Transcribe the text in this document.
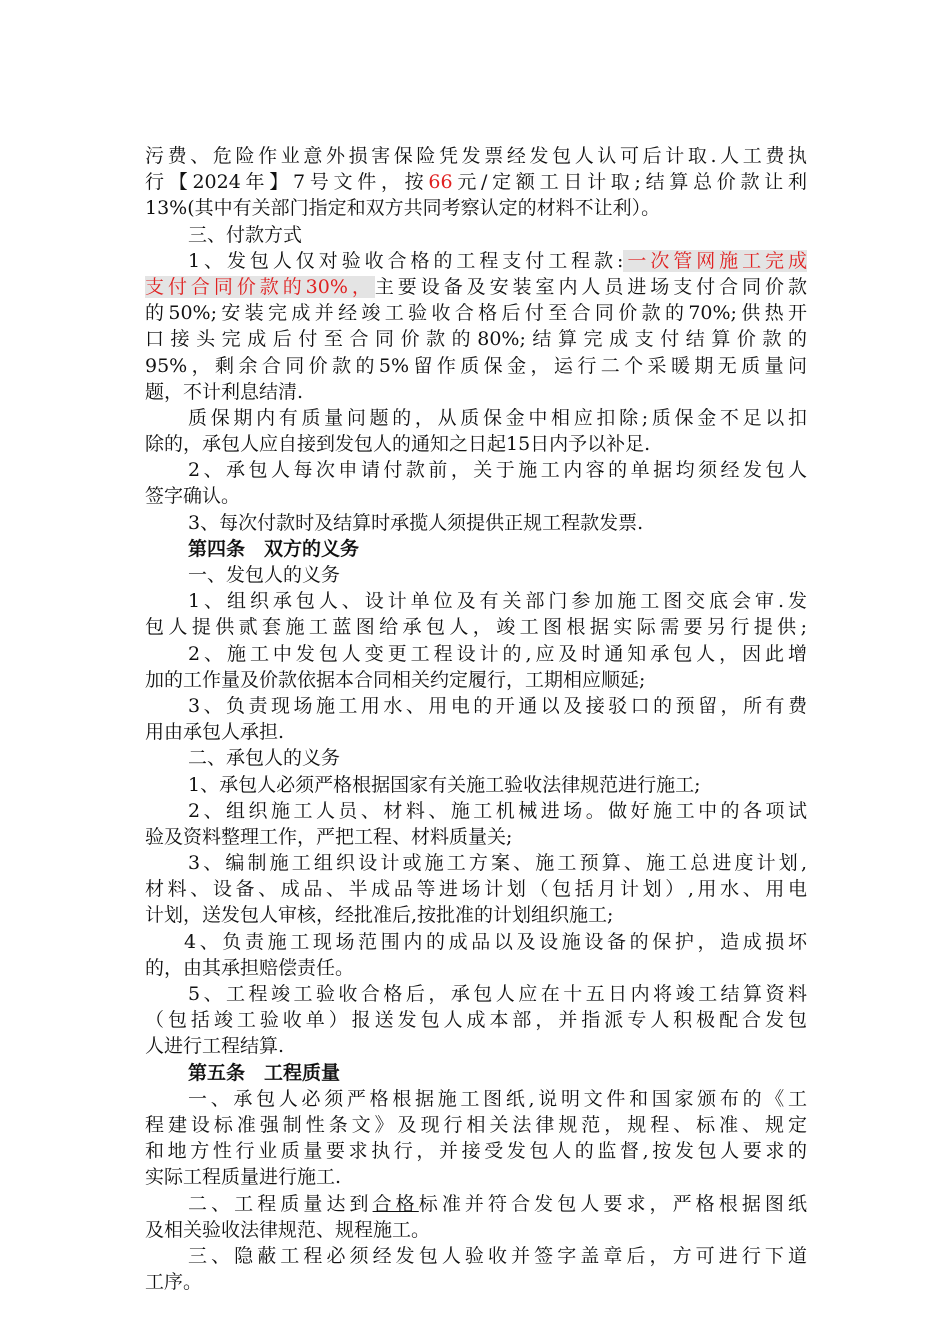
污费、危险作业意外损害保险凭发票经发包人认可后计取.人工费执
行【2024年】7号文件，按66元/定额工日计取;结算总价款让利
13%(其中有关部门指定和双方共同考察认定的材料不让利）。
三、付款方式
1、发包人仅对验收合格的工程支付工程款:一次管网施工完成
支付合同价款的30%，主要设备及安装室内人员进场支付合同价款
的50%;安装完成并经竣工验收合格后付至合同价款的70%;供热开
口接头完成后付至合同价款的80%;结算完成支付结算价款的
95%，剩余合同价款的5%留作质保金，运行二个采暖期无质量问
题，不计利息结清.
质保期内有质量问题的，从质保金中相应扣除;质保金不足以扣
除的，承包人应自接到发包人的通知之日起15日内予以补足.
2、承包人每次申请付款前，关于施工内容的单据均须经发包人
签字确认。
3、每次付款时及结算时承揽人须提供正规工程款发票.
第四条　双方的义务
一、发包人的义务
1、组织承包人、设计单位及有关部门参加施工图交底会审.发
包人提供贰套施工蓝图给承包人，竣工图根据实际需要另行提供;
2、施工中发包人变更工程设计的,应及时通知承包人，因此增
加的工作量及价款依据本合同相关约定履行，工期相应顺延;
3、负责现场施工用水、用电的开通以及接驳口的预留，所有费
用由承包人承担.
二、承包人的义务
1、承包人必须严格根据国家有关施工验收法律规范进行施工;
2、组织施工人员、材料、施工机械进场。做好施工中的各项试
验及资料整理工作，严把工程、材料质量关;
3、编制施工组织设计或施工方案、施工预算、施工总进度计划,
材料、设备、成品、半成品等进场计划（包括月计划）,用水、用电
计划，送发包人审核，经批准后,按批准的计划组织施工;
4、负责施工现场范围内的成品以及设施设备的保护，造成损坏
的，由其承担赔偿责任。
5、工程竣工验收合格后，承包人应在十五日内将竣工结算资料
（包括竣工验收单）报送发包人成本部，并指派专人积极配合发包
人进行工程结算.
第五条　工程质量
一、承包人必须严格根据施工图纸,说明文件和国家颁布的《工
程建设标准强制性条文》及现行相关法律规范，规程、标准、规定
和地方性行业质量要求执行，并接受发包人的监督,按发包人要求的
实际工程质量进行施工.
二、工程质量达到合格标准并符合发包人要求，严格根据图纸
及相关验收法律规范、规程施工。
三、隐蔽工程必须经发包人验收并签字盖章后，方可进行下道
工序。
